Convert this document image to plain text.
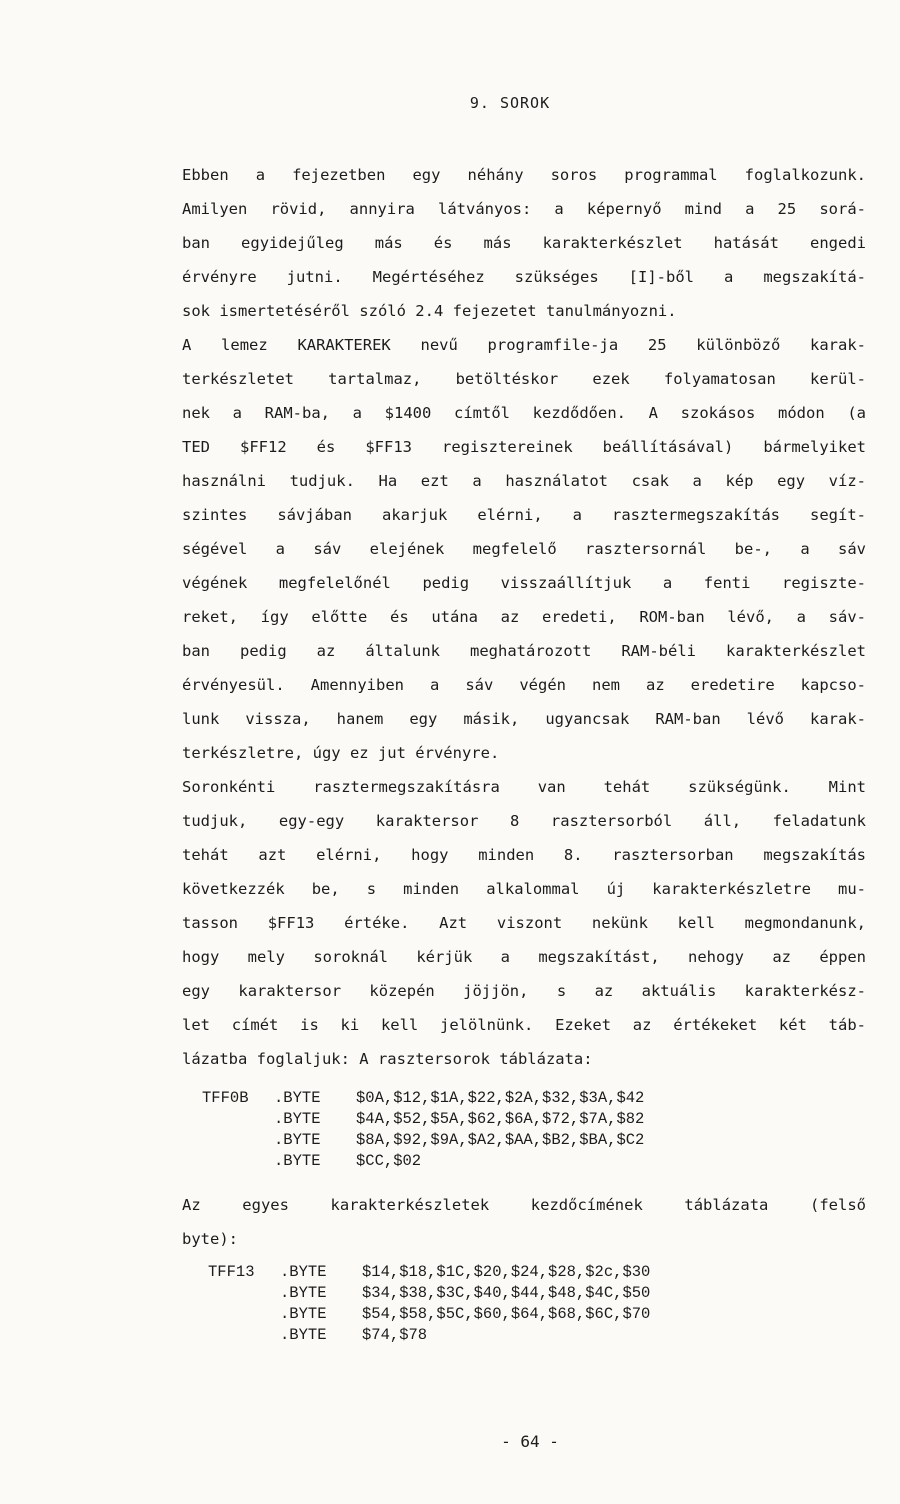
9. SOROK

Ebben a fejezetben egy néhány soros programmal foglalkozunk.

Amilyen rövid, annyira látványos: a képernyő mind a 25 sorá-

ban egyidejűleg más és más karakterkészlet hatását engedi

érvényre jutni. Megértéséhez szükséges [I]-ből a megszakítá-

sok ismertetéséről szóló 2.4 fejezetet tanulmányozni.

A lemez KARAKTEREK nevű programfile-ja 25 különböző karak-

terkészletet tartalmaz, betöltéskor ezek folyamatosan kerül-

nek a RAM-ba, a $1400 címtől kezdődően. A szokásos módon (a

TED $FF12 és $FF13 regisztereinek beállításával) bármelyiket

használni tudjuk. Ha ezt a használatot csak a kép egy víz-

szintes sávjában akarjuk elérni, a rasztermegszakítás segít-

ségével a sáv elejének megfelelő rasztersornál be-, a sáv

végének megfelelőnél pedig visszaállítjuk a fenti regiszte-

reket, így előtte és utána az eredeti, ROM-ban lévő, a sáv-

ban pedig az általunk meghatározott RAM-béli karakterkészlet

érvényesül. Amennyiben a sáv végén nem az eredetire kapcso-

lunk vissza, hanem egy másik, ugyancsak RAM-ban lévő karak-

terkészletre, úgy ez jut érvényre.

Soronkénti rasztermegszakításra van tehát szükségünk. Mint

tudjuk, egy-egy karaktersor 8 rasztersorból áll, feladatunk

tehát azt elérni, hogy minden 8. rasztersorban megszakítás

következzék be, s minden alkalommal új karakterkészletre mu-

tasson $FF13 értéke. Azt viszont nekünk kell megmondanunk,

hogy mely soroknál kérjük a megszakítást, nehogy az éppen

egy karaktersor közepén jöjjön, s az aktuális karakterkész-

let címét is ki kell jelölnünk. Ezeket az értékeket két táb-

lázatba foglaljuk: A rasztersorok táblázata:

TFF0B	.BYTE	$0A,$12,$1A,$22,$2A,$32,$3A,$42
.BYTE	$4A,$52,$5A,$62,$6A,$72,$7A,$82
.BYTE	$8A,$92,$9A,$A2,$AA,$B2,$BA,$C2
.BYTE	$CC,$02

Az egyes karakterkészletek kezdőcímének táblázata (felső

byte):

TFF13	.BYTE	$14,$18,$1C,$20,$24,$28,$2c,$30
.BYTE	$34,$38,$3C,$40,$44,$48,$4C,$50
.BYTE	$54,$58,$5C,$60,$64,$68,$6C,$70
.BYTE	$74,$78
- 64 -
